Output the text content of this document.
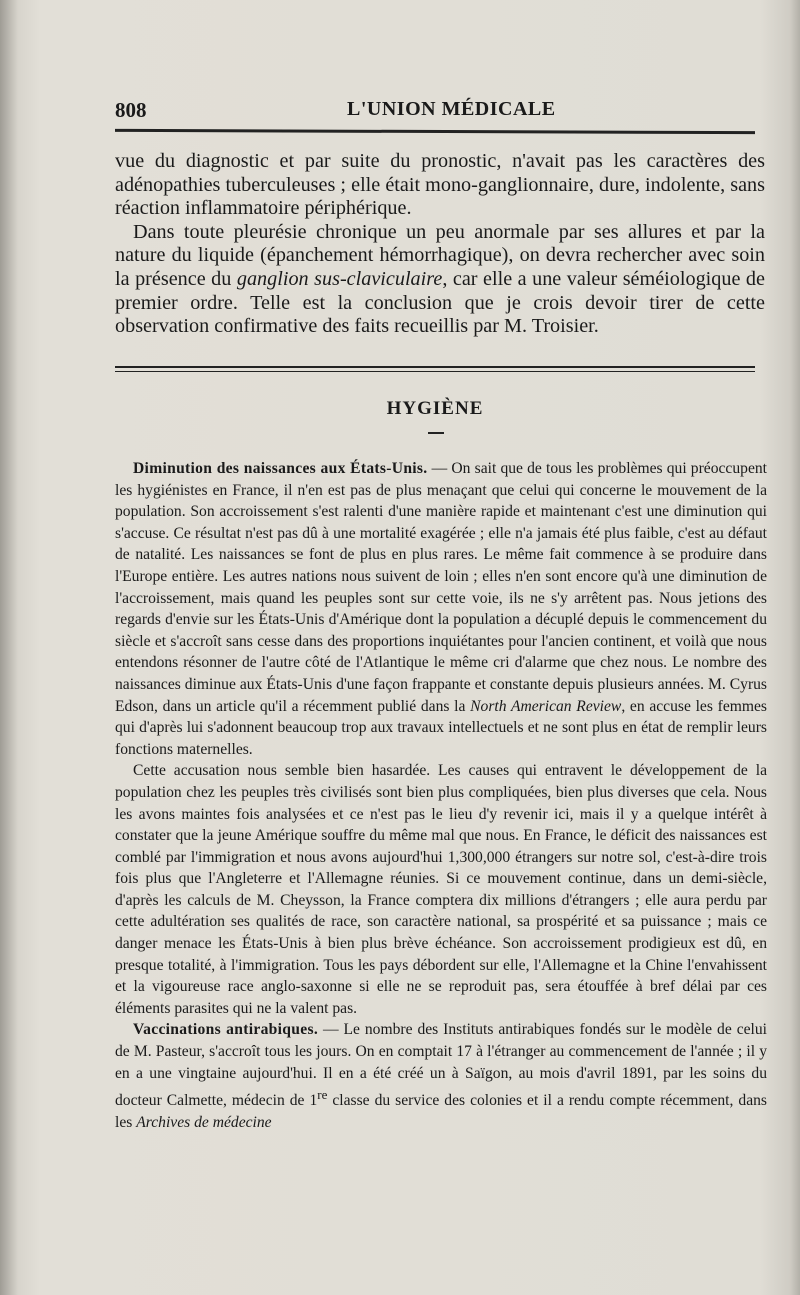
808	L'UNION MÉDICALE

vue du diagnostic et par suite du pronostic, n'avait pas les caractères des adénopathies tuberculeuses ; elle était mono-ganglionnaire, dure, indolente, sans réaction inflammatoire périphérique.

Dans toute pleurésie chronique un peu anormale par ses allures et par la nature du liquide (épanchement hémorrhagique), on devra rechercher avec soin la présence du ganglion sus-claviculaire, car elle a une valeur séméiologique de premier ordre. Telle est la conclusion que je crois devoir tirer de cette observation confirmative des faits recueillis par M. Troisier.

HYGIÈNE

Diminution des naissances aux États-Unis. — On sait que de tous les problèmes qui préoccupent les hygiénistes en France, il n'en est pas de plus menaçant que celui qui concerne le mouvement de la population. Son accroissement s'est ralenti d'une manière rapide et maintenant c'est une diminution qui s'accuse. Ce résultat n'est pas dû à une mortalité exagérée ; elle n'a jamais été plus faible, c'est au défaut de natalité. Les naissances se font de plus en plus rares. Le même fait commence à se produire dans l'Europe entière. Les autres nations nous suivent de loin ; elles n'en sont encore qu'à une diminution de l'accroissement, mais quand les peuples sont sur cette voie, ils ne s'y arrêtent pas. Nous jetions des regards d'envie sur les États-Unis d'Amérique dont la population a décuplé depuis le commencement du siècle et s'accroît sans cesse dans des proportions inquiétantes pour l'ancien continent, et voilà que nous entendons résonner de l'autre côté de l'Atlantique le même cri d'alarme que chez nous. Le nombre des naissances diminue aux États-Unis d'une façon frappante et constante depuis plusieurs années. M. Cyrus Edson, dans un article qu'il a récemment publié dans la North American Review, en accuse les femmes qui d'après lui s'adonnent beaucoup trop aux travaux intellectuels et ne sont plus en état de remplir leurs fonctions maternelles.

Cette accusation nous semble bien hasardée. Les causes qui entravent le développement de la population chez les peuples très civilisés sont bien plus compliquées, bien plus diverses que cela. Nous les avons maintes fois analysées et ce n'est pas le lieu d'y revenir ici, mais il y a quelque intérêt à constater que la jeune Amérique souffre du même mal que nous. En France, le déficit des naissances est comblé par l'immigration et nous avons aujourd'hui 1,300,000 étrangers sur notre sol, c'est-à-dire trois fois plus que l'Angleterre et l'Allemagne réunies. Si ce mouvement continue, dans un demi-siècle, d'après les calculs de M. Cheysson, la France comptera dix millions d'étrangers ; elle aura perdu par cette adultération ses qualités de race, son caractère national, sa prospérité et sa puissance ; mais ce danger menace les États-Unis à bien plus brève échéance. Son accroissement prodigieux est dû, en presque totalité, à l'immigration. Tous les pays débordent sur elle, l'Allemagne et la Chine l'envahissent et la vigoureuse race anglo-saxonne si elle ne se reproduit pas, sera étouffée à bref délai par ces éléments parasites qui ne la valent pas.

Vaccinations antirabiques. — Le nombre des Instituts antirabiques fondés sur le modèle de celui de M. Pasteur, s'accroît tous les jours. On en comptait 17 à l'étranger au commencement de l'année ; il y en a une vingtaine aujourd'hui. Il en a été créé un à Saïgon, au mois d'avril 1891, par les soins du docteur Calmette, médecin de 1re classe du service des colonies et il a rendu compte récemment, dans les Archives de médecine
